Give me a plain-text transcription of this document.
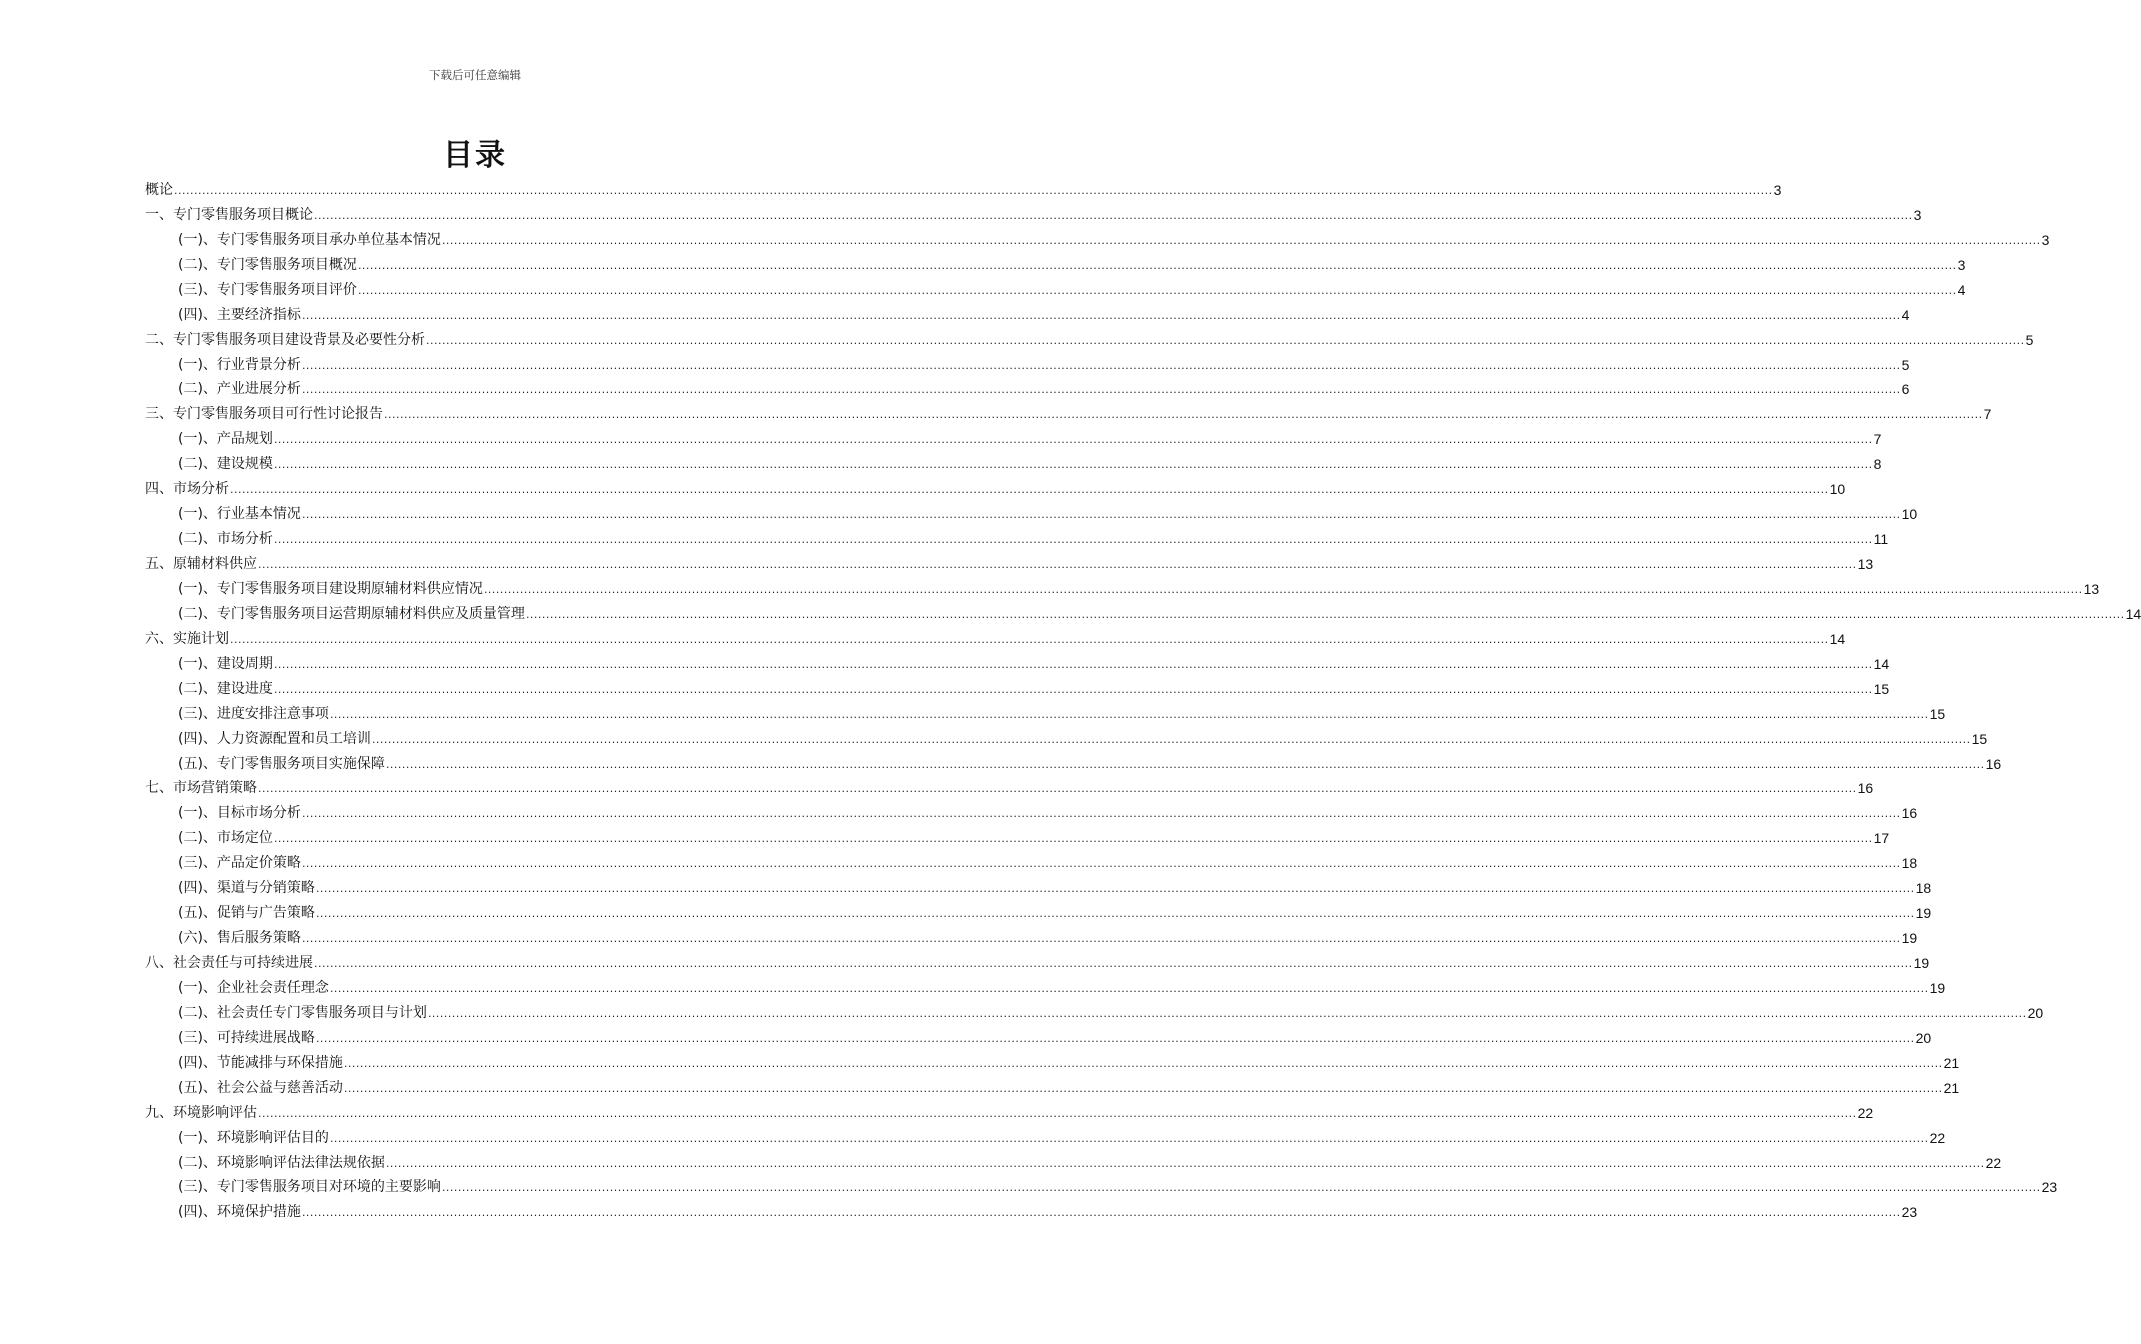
下载后可任意编辑
目录
概论 ................................................................................................................................................................................................................................................................................................................................................................................................................ 3
一、专门零售服务项目概论 ................................................................................................................................................................................................................................................................................................................................................................................................................ 3
(一)、专门零售服务项目承办单位基本情况 ................................................................................................................................................................................................................................................................................................................................................................................................................ 3
(二)、专门零售服务项目概况 ................................................................................................................................................................................................................................................................................................................................................................................................................ 3
(三)、专门零售服务项目评价 ................................................................................................................................................................................................................................................................................................................................................................................................................ 4
(四)、主要经济指标 ................................................................................................................................................................................................................................................................................................................................................................................................................ 4
二、专门零售服务项目建设背景及必要性分析 ................................................................................................................................................................................................................................................................................................................................................................................................................ 5
(一)、行业背景分析 ................................................................................................................................................................................................................................................................................................................................................................................................................ 5
(二)、产业进展分析 ................................................................................................................................................................................................................................................................................................................................................................................................................ 6
三、专门零售服务项目可行性讨论报告 ................................................................................................................................................................................................................................................................................................................................................................................................................ 7
(一)、产品规划 ................................................................................................................................................................................................................................................................................................................................................................................................................ 7
(二)、建设规模 ................................................................................................................................................................................................................................................................................................................................................................................................................ 8
四、市场分析 ................................................................................................................................................................................................................................................................................................................................................................................................................ 10
(一)、行业基本情况 ................................................................................................................................................................................................................................................................................................................................................................................................................ 10
(二)、市场分析 ................................................................................................................................................................................................................................................................................................................................................................................................................ 11
五、原辅材料供应 ................................................................................................................................................................................................................................................................................................................................................................................................................ 13
(一)、专门零售服务项目建设期原辅材料供应情况 ................................................................................................................................................................................................................................................................................................................................................................................................................ 13
(二)、专门零售服务项目运营期原辅材料供应及质量管理 ................................................................................................................................................................................................................................................................................................................................................................................................................ 14
六、实施计划 ................................................................................................................................................................................................................................................................................................................................................................................................................ 14
(一)、建设周期 ................................................................................................................................................................................................................................................................................................................................................................................................................ 14
(二)、建设进度 ................................................................................................................................................................................................................................................................................................................................................................................................................ 15
(三)、进度安排注意事项 ................................................................................................................................................................................................................................................................................................................................................................................................................ 15
(四)、人力资源配置和员工培训 ................................................................................................................................................................................................................................................................................................................................................................................................................ 15
(五)、专门零售服务项目实施保障 ................................................................................................................................................................................................................................................................................................................................................................................................................ 16
七、市场营销策略 ................................................................................................................................................................................................................................................................................................................................................................................................................ 16
(一)、目标市场分析 ................................................................................................................................................................................................................................................................................................................................................................................................................ 16
(二)、市场定位 ................................................................................................................................................................................................................................................................................................................................................................................................................ 17
(三)、产品定价策略 ................................................................................................................................................................................................................................................................................................................................................................................................................ 18
(四)、渠道与分销策略 ................................................................................................................................................................................................................................................................................................................................................................................................................ 18
(五)、促销与广告策略 ................................................................................................................................................................................................................................................................................................................................................................................................................ 19
(六)、售后服务策略 ................................................................................................................................................................................................................................................................................................................................................................................................................ 19
八、社会责任与可持续进展 ................................................................................................................................................................................................................................................................................................................................................................................................................ 19
(一)、企业社会责任理念 ................................................................................................................................................................................................................................................................................................................................................................................................................ 19
(二)、社会责任专门零售服务项目与计划 ................................................................................................................................................................................................................................................................................................................................................................................................................ 20
(三)、可持续进展战略 ................................................................................................................................................................................................................................................................................................................................................................................................................ 20
(四)、节能减排与环保措施 ................................................................................................................................................................................................................................................................................................................................................................................................................ 21
(五)、社会公益与慈善活动 ................................................................................................................................................................................................................................................................................................................................................................................................................ 21
九、环境影响评估 ................................................................................................................................................................................................................................................................................................................................................................................................................ 22
(一)、环境影响评估目的 ................................................................................................................................................................................................................................................................................................................................................................................................................ 22
(二)、环境影响评估法律法规依据 ................................................................................................................................................................................................................................................................................................................................................................................................................ 22
(三)、专门零售服务项目对环境的主要影响 ................................................................................................................................................................................................................................................................................................................................................................................................................ 23
(四)、环境保护措施 ................................................................................................................................................................................................................................................................................................................................................................................................................ 23
